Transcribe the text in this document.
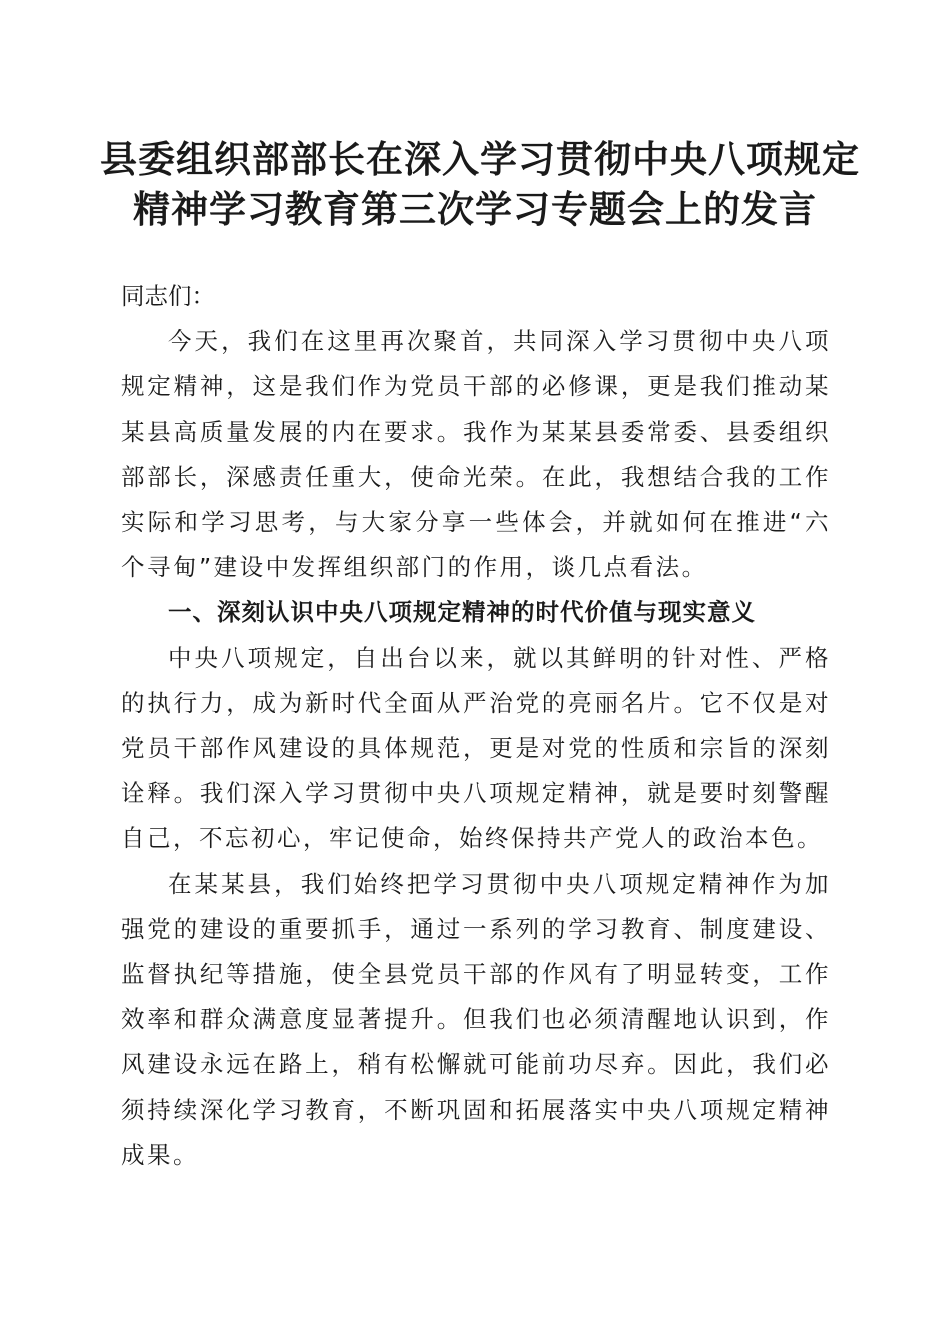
县委组织部部长在深入学习贯彻中央八项规定
精神学习教育第三次学习专题会上的发言

同志们：

今天，我们在这里再次聚首，共同深入学习贯彻中央八项规定精神，这是我们作为党员干部的必修课，更是我们推动某某县高质量发展的内在要求。我作为某某县委常委、县委组织部部长，深感责任重大，使命光荣。在此，我想结合我的工作实际和学习思考，与大家分享一些体会，并就如何在推进“六个寻甸”建设中发挥组织部门的作用，谈几点看法。

一、深刻认识中央八项规定精神的时代价值与现实意义

中央八项规定，自出台以来，就以其鲜明的针对性、严格的执行力，成为新时代全面从严治党的亮丽名片。它不仅是对党员干部作风建设的具体规范，更是对党的性质和宗旨的深刻诠释。我们深入学习贯彻中央八项规定精神，就是要时刻警醒自己，不忘初心，牢记使命，始终保持共产党人的政治本色。

在某某县，我们始终把学习贯彻中央八项规定精神作为加强党的建设的重要抓手，通过一系列的学习教育、制度建设、监督执纪等措施，使全县党员干部的作风有了明显转变，工作效率和群众满意度显著提升。但我们也必须清醒地认识到，作风建设永远在路上，稍有松懈就可能前功尽弃。因此，我们必须持续深化学习教育，不断巩固和拓展落实中央八项规定精神成果。
